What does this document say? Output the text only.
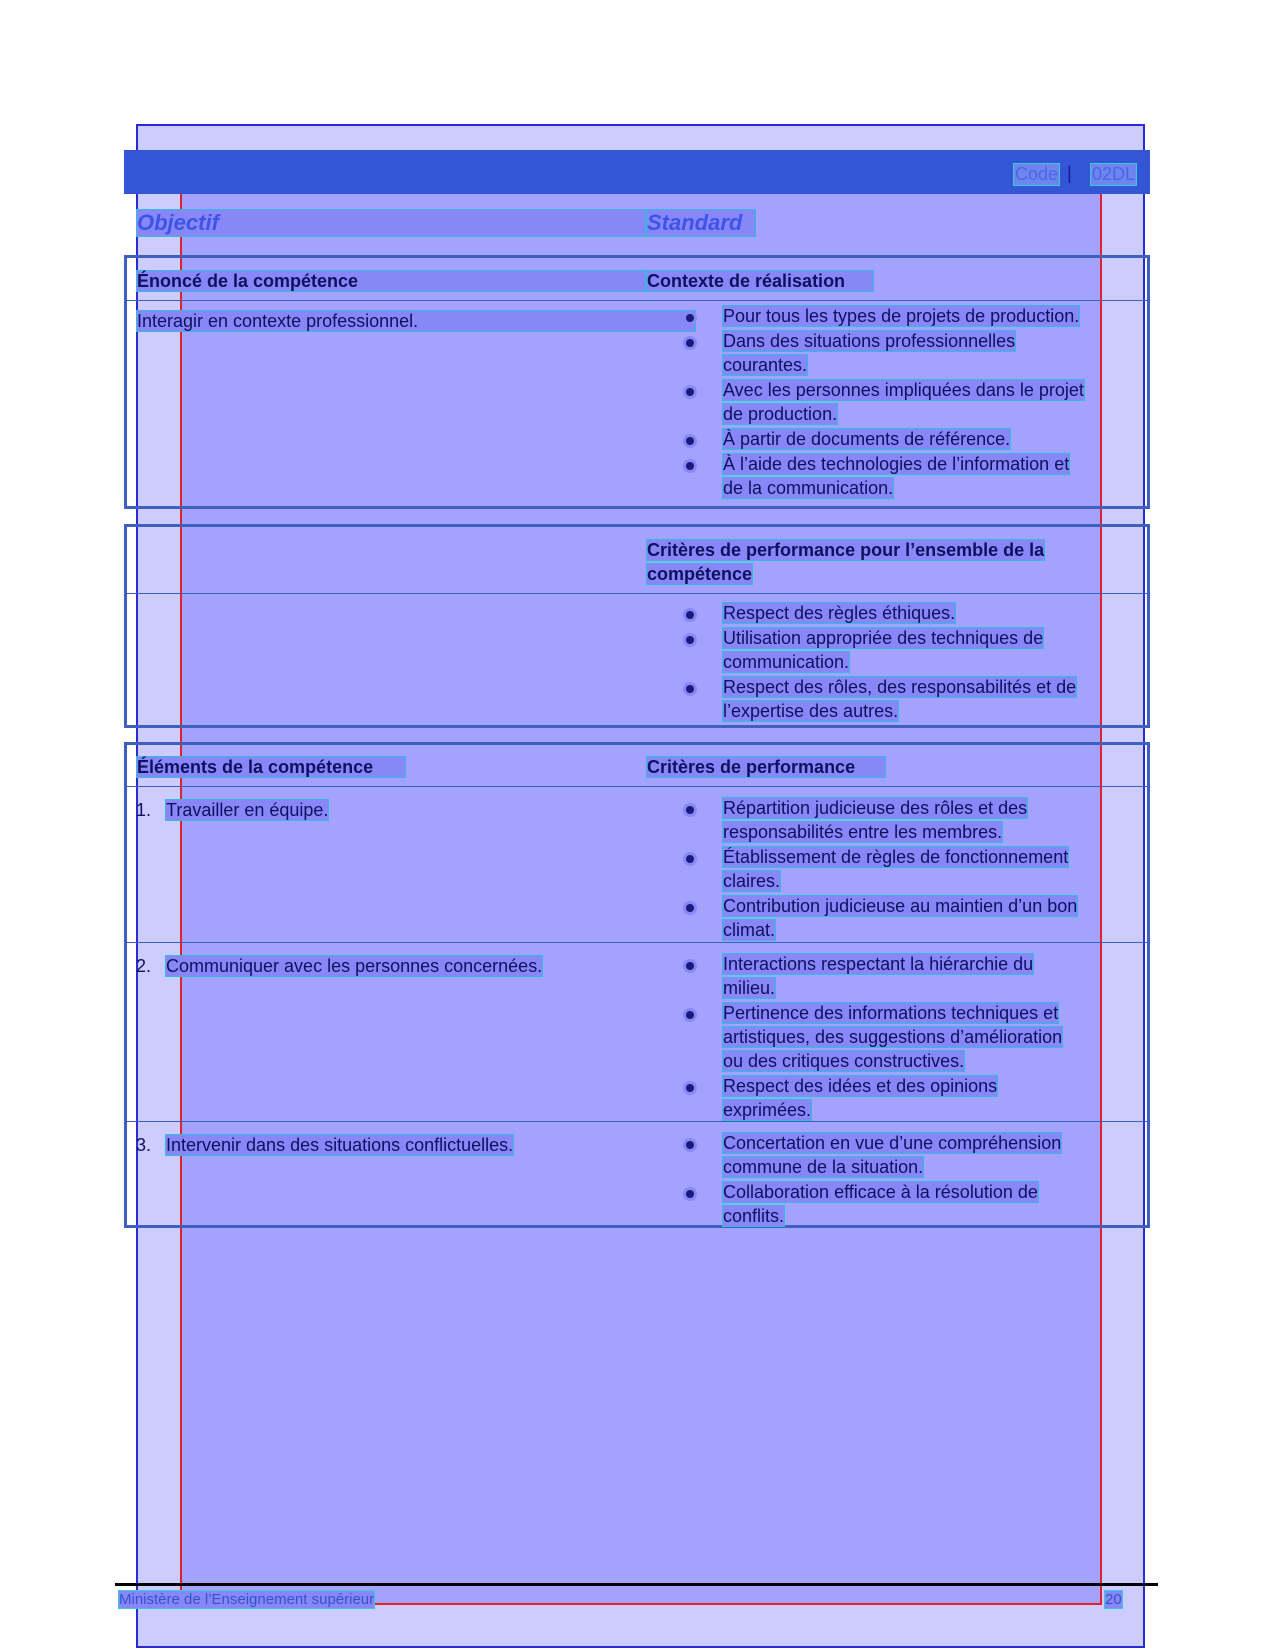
Code | 02DL
Objectif	Standard
Énoncé de la compétence	Contexte de réalisation
Interagir en contexte professionnel.	Pour tous les types de projets de production.
Dans des situations professionnelles
courantes.
Avec les personnes impliquées dans le projet
de production.
À partir de documents de référence.
À l’aide des technologies de l’information et
de la communication.
Critères de performance pour l’ensemble de la
compétence
Respect des règles éthiques.
Utilisation appropriée des techniques de
communication.
Respect des rôles, des responsabilités et de
l’expertise des autres.
Éléments de la compétence	Critères de performance
1. Travailler en équipe.	Répartition judicieuse des rôles et des
responsabilités entre les membres.
Établissement de règles de fonctionnement
claires.
Contribution judicieuse au maintien d’un bon
climat.
2. Communiquer avec les personnes concernées.	Interactions respectant la hiérarchie du
milieu.
Pertinence des informations techniques et
artistiques, des suggestions d’amélioration
ou des critiques constructives.
Respect des idées et des opinions
exprimées.
3. Intervenir dans des situations conflictuelles.	Concertation en vue d’une compréhension
commune de la situation.
Collaboration efficace à la résolution de
conflits.
Ministère de l’Enseignement supérieur	20
